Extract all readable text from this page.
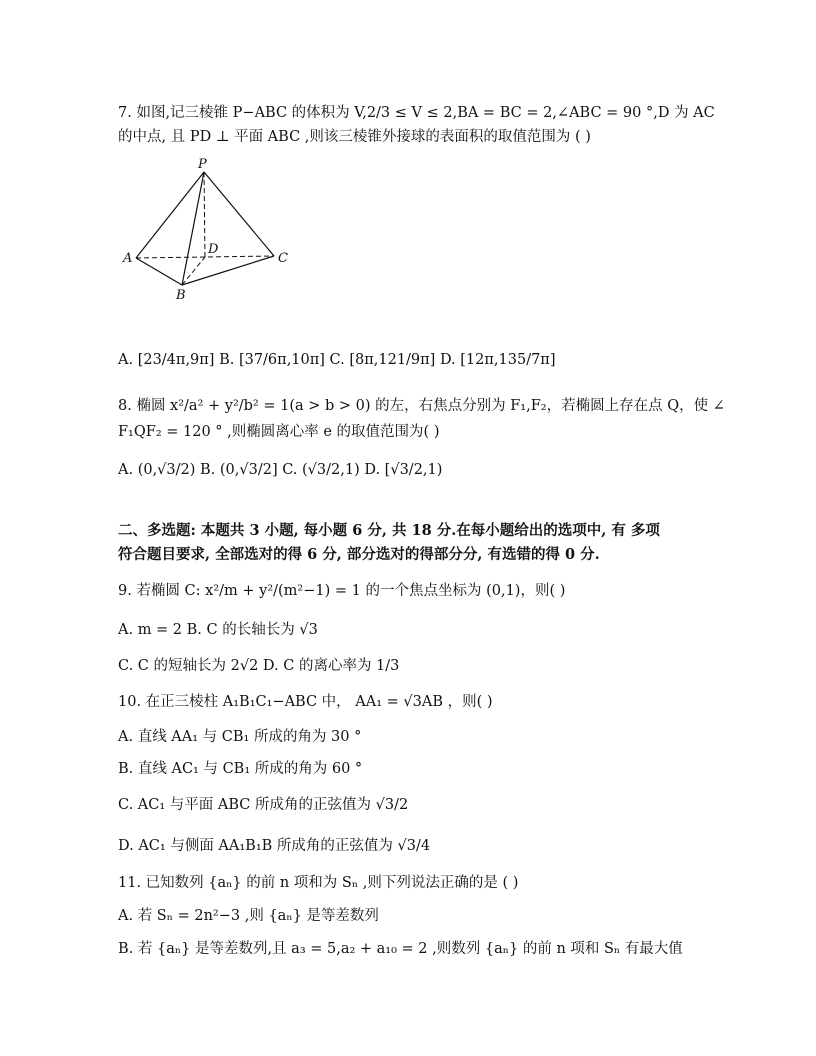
7. 如图,记三棱锥 P−ABC 的体积为 V,2/3 ≤ V ≤ 2,BA = BC = 2,∠ABC = 90 °,D 为 AC
的中点, 且 PD ⊥ 平面 ABC ,则该三棱锥外接球的表面积的取值范围为 ( )
P
A
B
C
D
A. [23/4π,9π] B. [37/6π,10π] C. [8π,121/9π] D. [12π,135/7π]
8. 椭圆 x²/a² + y²/b² = 1(a > b > 0) 的左，右焦点分别为 F₁,F₂，若椭圆上存在点 Q，使 ∠
F₁QF₂ = 120 ° ,则椭圆离心率 e 的取值范围为( )
A. (0,√3/2) B. (0,√3/2] C. (√3/2,1) D. [√3/2,1)
二、多选题: 本题共 3 小题, 每小题 6 分, 共 18 分.在每小题给出的选项中, 有 多项
符合题目要求, 全部选对的得 6 分, 部分选对的得部分分, 有选错的得 0 分.
9. 若椭圆 C: x²/m + y²/(m²−1) = 1 的一个焦点坐标为 (0,1)，则( )
A. m = 2 B. C 的长轴长为 √3
C. C 的短轴长为 2√2 D. C 的离心率为 1/3
10. 在正三棱柱 A₁B₁C₁−ABC 中， AA₁ = √3AB ，则( )
A. 直线 AA₁ 与 CB₁ 所成的角为 30 °
B. 直线 AC₁ 与 CB₁ 所成的角为 60 °
C. AC₁ 与平面 ABC 所成角的正弦值为 √3/2
D. AC₁ 与侧面 AA₁B₁B 所成角的正弦值为 √3/4
11. 已知数列 {aₙ} 的前 n 项和为 Sₙ ,则下列说法正确的是 ( )
A. 若 Sₙ = 2n²−3 ,则 {aₙ} 是等差数列
B. 若 {aₙ} 是等差数列,且 a₃ = 5,a₂ + a₁₀ = 2 ,则数列 {aₙ} 的前 n 项和 Sₙ 有最大值
